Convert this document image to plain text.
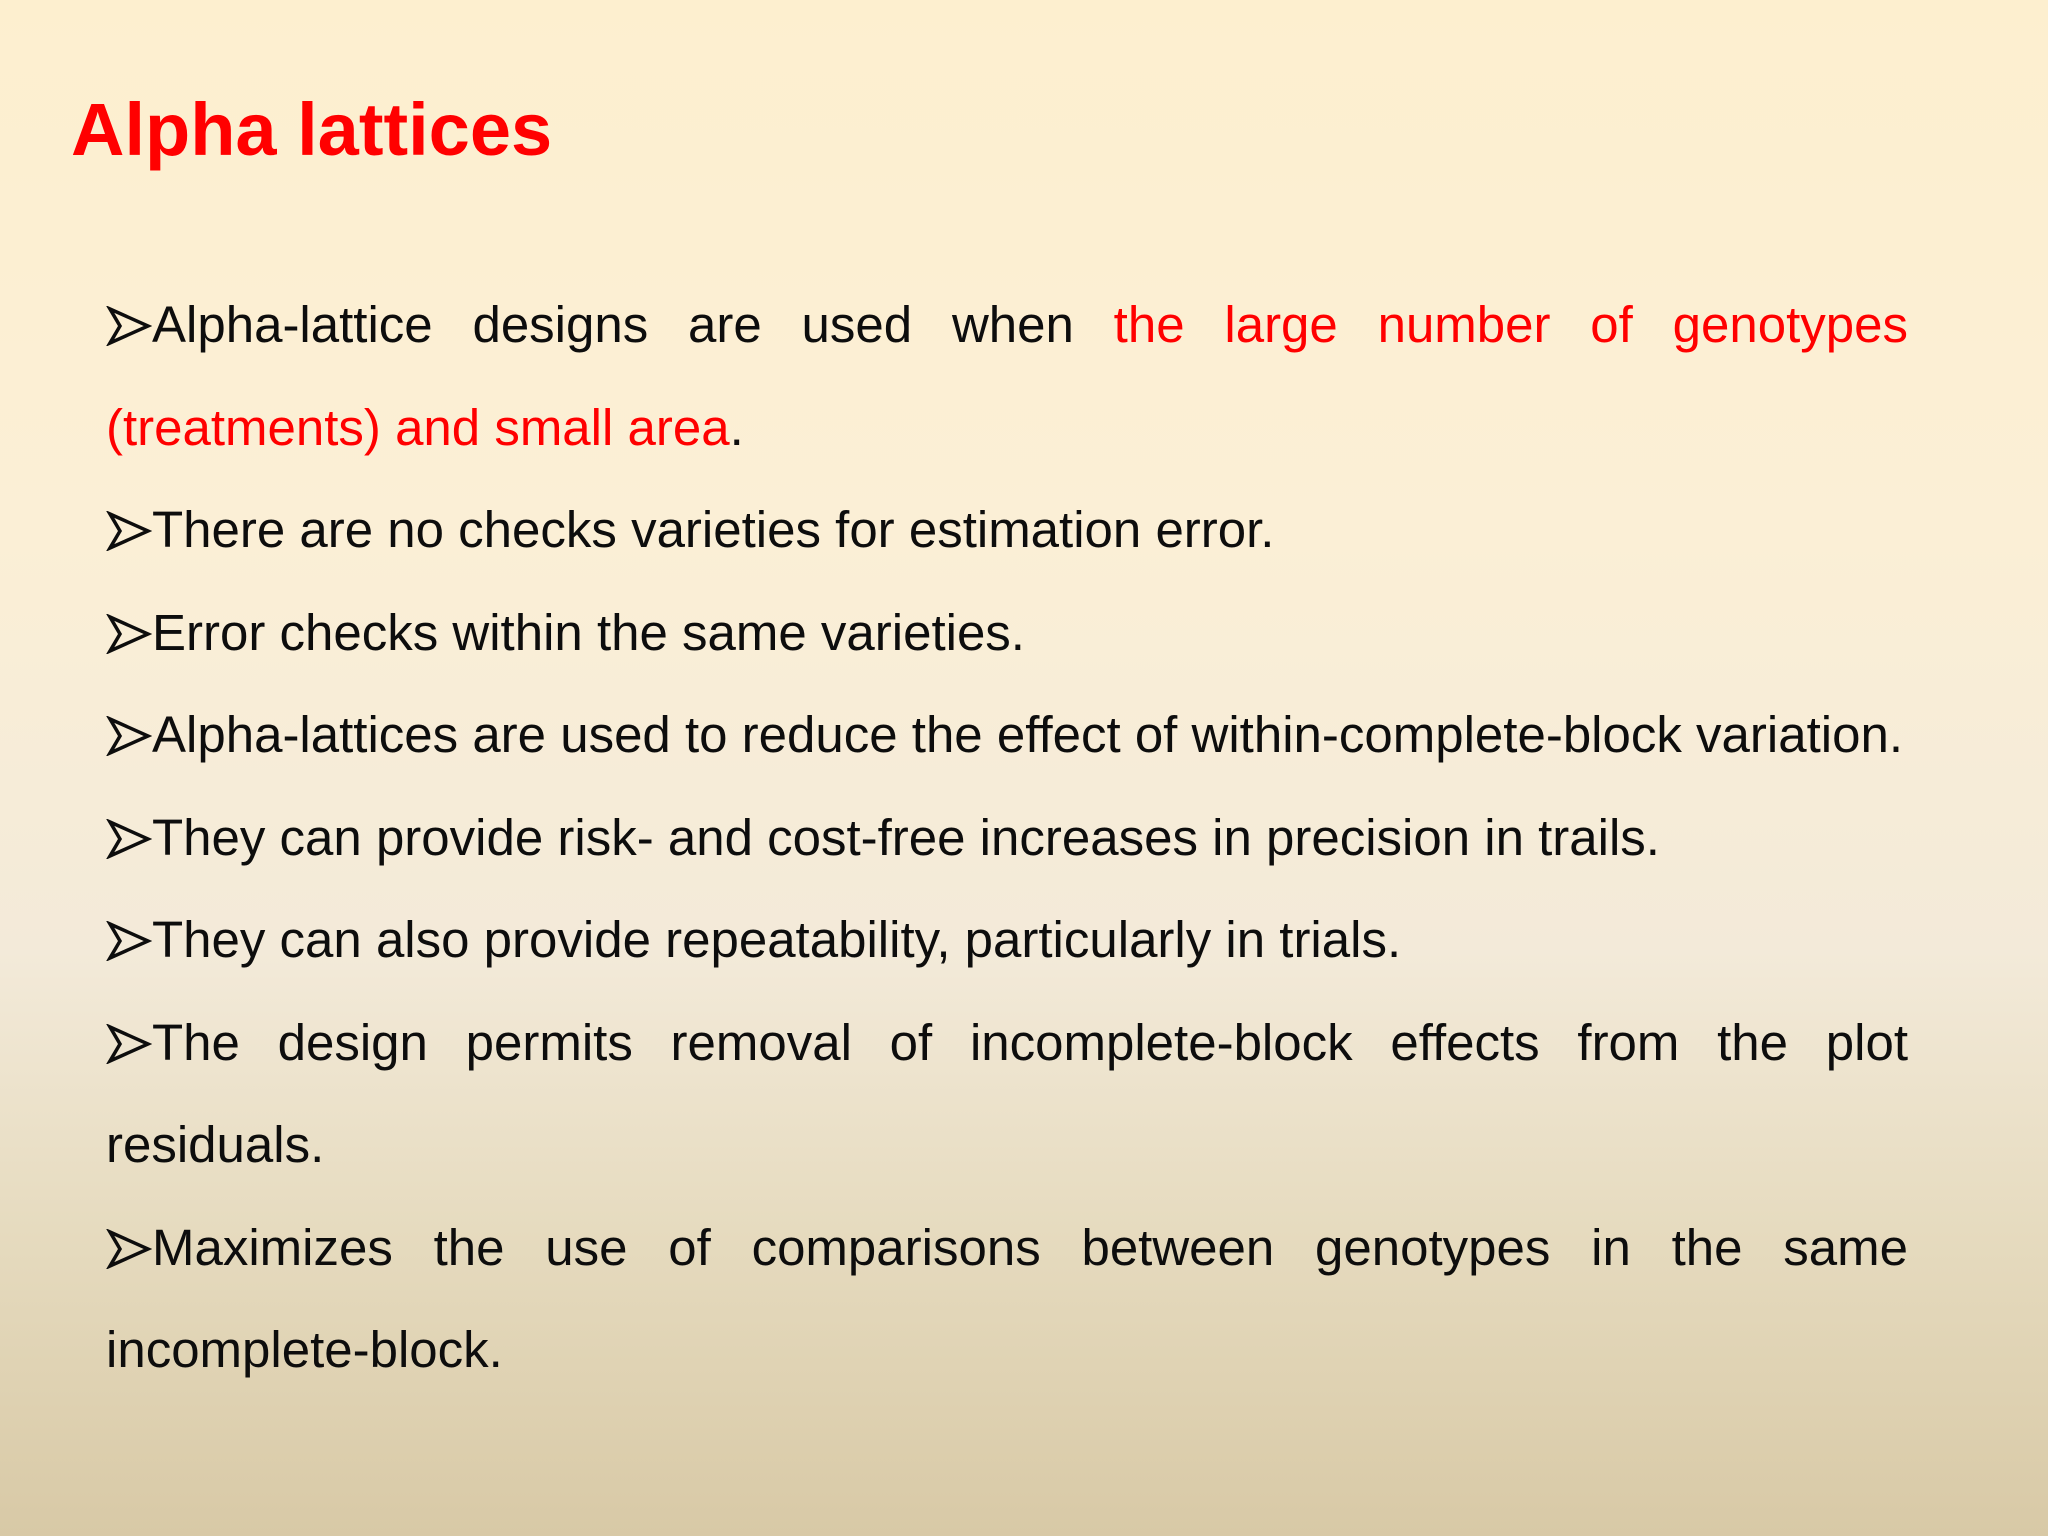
Alpha lattices
Alpha-lattice designs are used when the large number of genotypes (treatments) and small area.
There are no checks varieties for estimation error.
Error checks within the same varieties.
Alpha-lattices are used to reduce the effect of within-complete-block variation.
They can provide risk- and cost-free increases in precision in trails.
They can also provide repeatability, particularly in trials.
The design permits removal of incomplete-block effects from the plot residuals.
Maximizes the use of comparisons between genotypes in the same incomplete-block.
